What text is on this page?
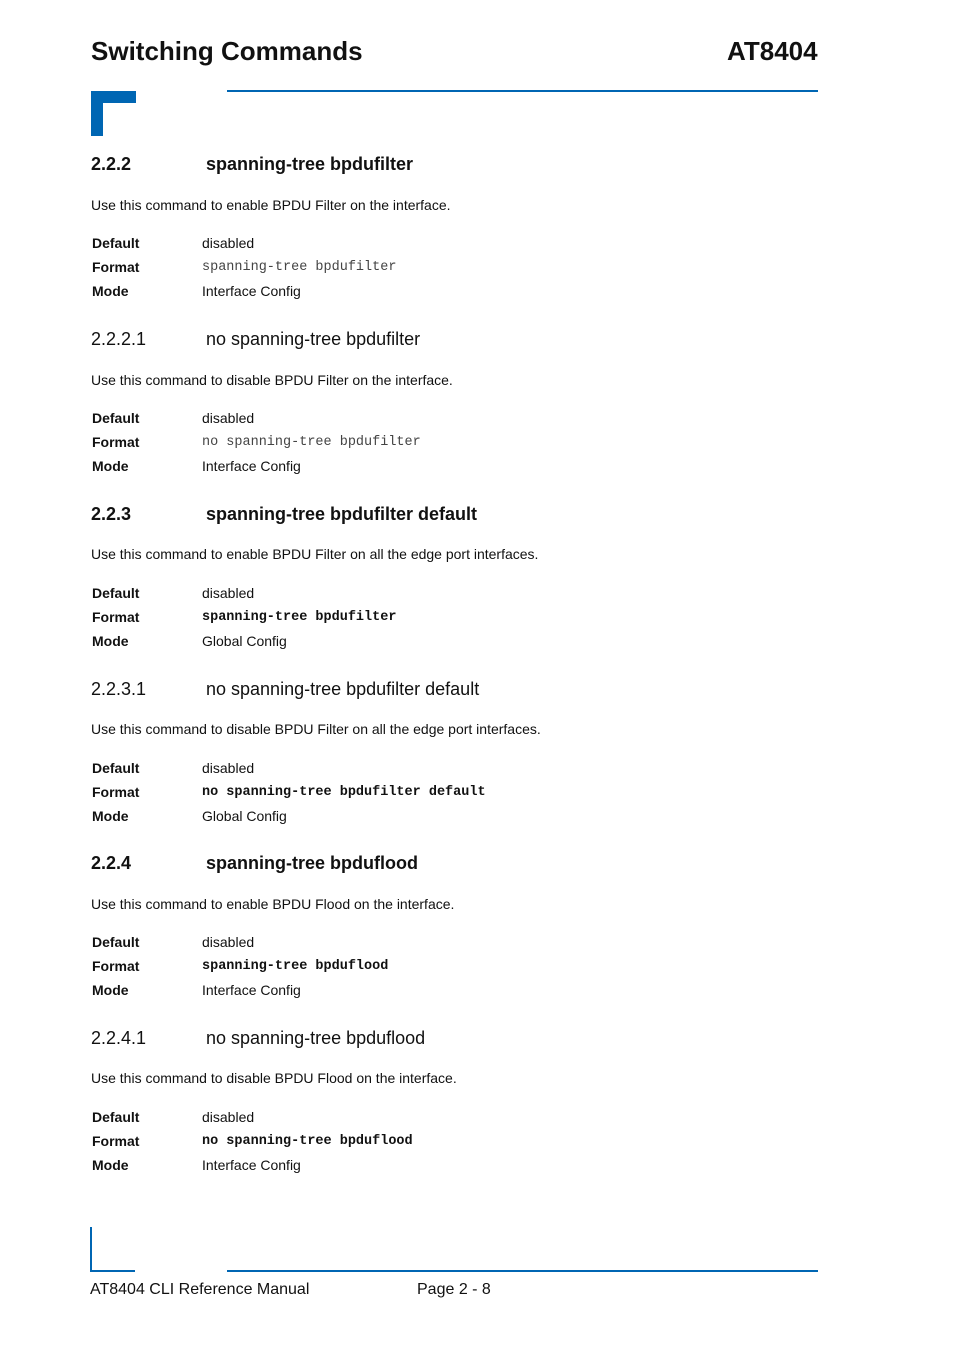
Switching Commands	AT8404
2.2.2	spanning-tree bpdufilter
Use this command to enable BPDU Filter on the interface.
Default	disabled
Format	spanning-tree bpdufilter
Mode	Interface Config
2.2.2.1	no spanning-tree bpdufilter
Use this command to disable BPDU Filter on the interface.
Default	disabled
Format	no spanning-tree bpdufilter
Mode	Interface Config
2.2.3	spanning-tree bpdufilter default
Use this command to enable BPDU Filter on all the edge port interfaces.
Default	disabled
Format	spanning-tree bpdufilter
Mode	Global Config
2.2.3.1	no spanning-tree bpdufilter default
Use this command to disable BPDU Filter on all the edge port interfaces.
Default	disabled
Format	no spanning-tree bpdufilter default
Mode	Global Config
2.2.4	spanning-tree bpduflood
Use this command to enable BPDU Flood on the interface.
Default	disabled
Format	spanning-tree bpduflood
Mode	Interface Config
2.2.4.1	no spanning-tree bpduflood
Use this command to disable BPDU Flood on the interface.
Default	disabled
Format	no spanning-tree bpduflood
Mode	Interface Config
AT8404 CLI Reference Manual	Page 2 - 8
